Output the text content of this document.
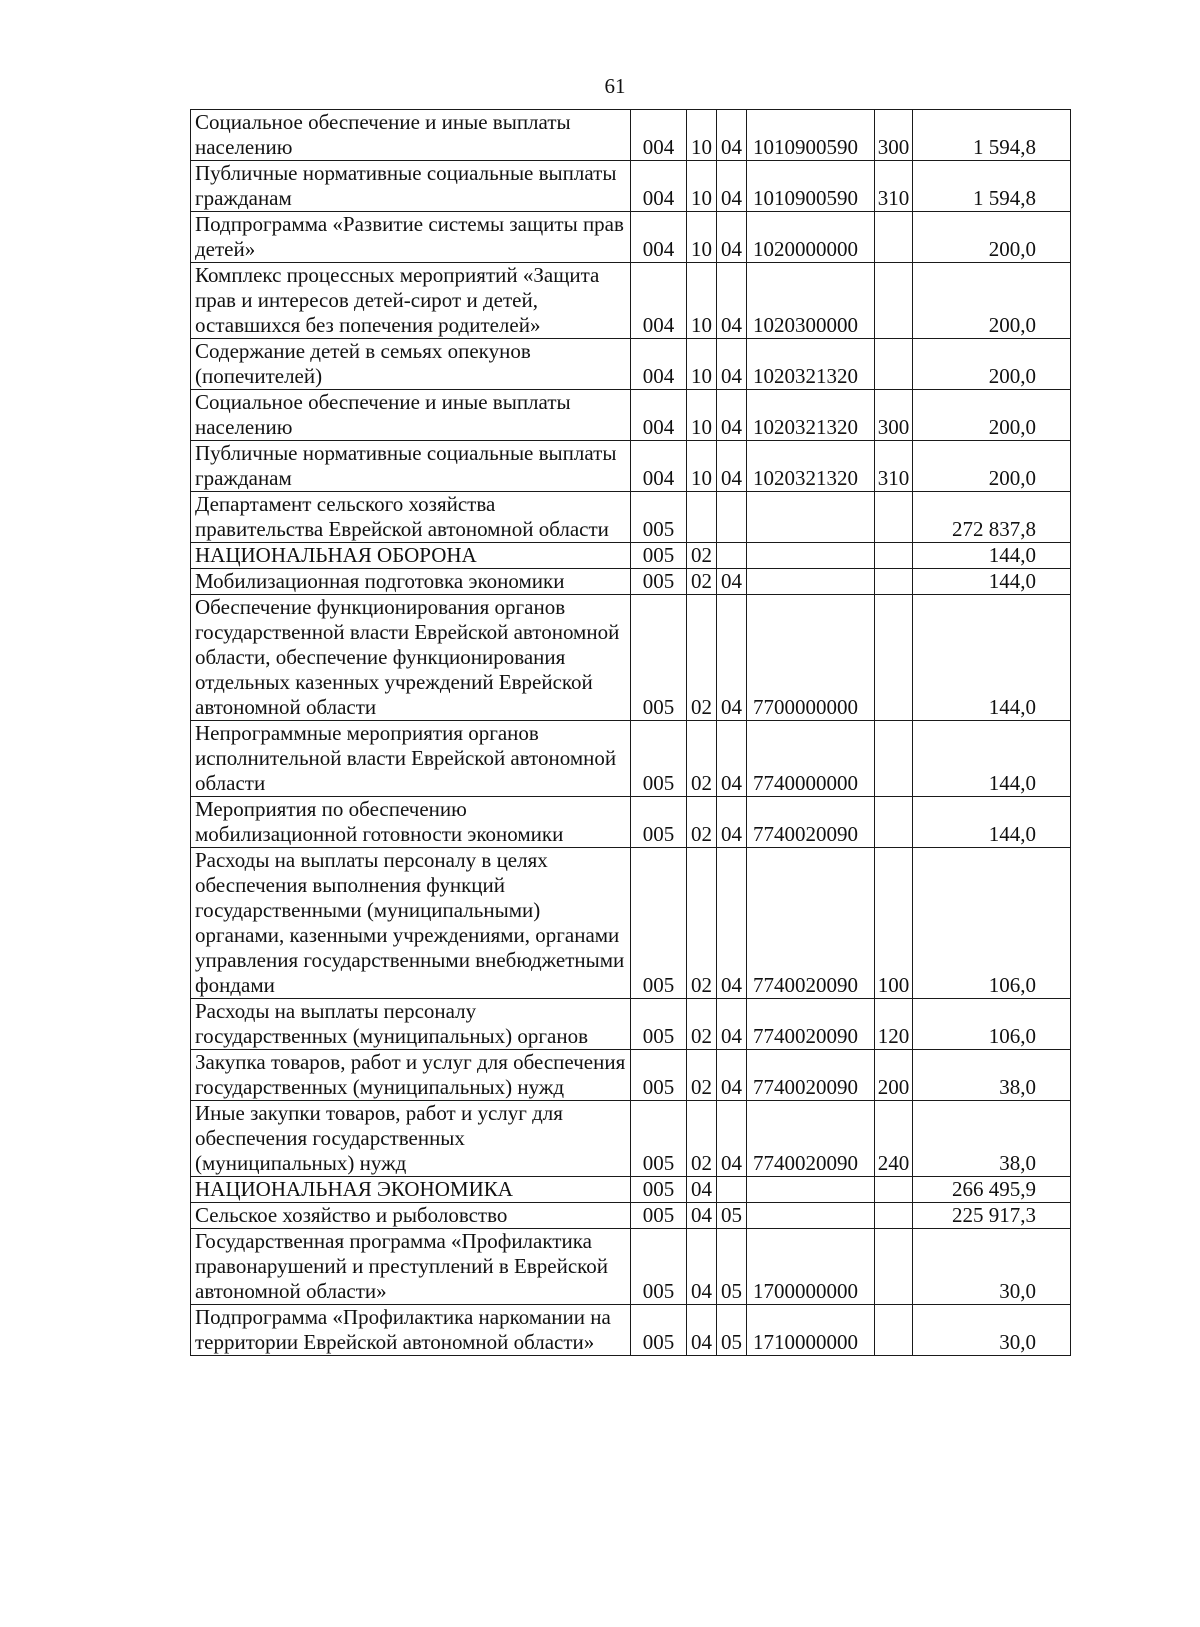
61
Социальное обеспечение и иные выплаты населению	004	10	04	1010900590	300	1 594,8
Публичные нормативные социальные выплаты гражданам	004	10	04	1010900590	310	1 594,8
Подпрограмма «Развитие системы защиты прав детей»	004	10	04	1020000000		200,0
Комплекс процессных мероприятий «Защита прав и интересов детей-сирот и детей, оставшихся без попечения родителей»	004	10	04	1020300000		200,0
Содержание детей в семьях опекунов (попечителей)	004	10	04	1020321320		200,0
Социальное обеспечение и иные выплаты населению	004	10	04	1020321320	300	200,0
Публичные нормативные социальные выплаты гражданам	004	10	04	1020321320	310	200,0
Департамент сельского хозяйства правительства Еврейской автономной области	005					272 837,8
НАЦИОНАЛЬНАЯ ОБОРОНА	005	02				144,0
Мобилизационная подготовка экономики	005	02	04			144,0
Обеспечение функционирования органов государственной власти Еврейской автономной области, обеспечение функционирования отдельных казенных учреждений Еврейской автономной области	005	02	04	7700000000		144,0
Непрограммные мероприятия органов исполнительной власти Еврейской автономной области	005	02	04	7740000000		144,0
Мероприятия по обеспечению мобилизационной готовности экономики	005	02	04	7740020090		144,0
Расходы на выплаты персоналу в целях обеспечения выполнения функций государственными (муниципальными) органами, казенными учреждениями, органами управления государственными внебюджетными фондами	005	02	04	7740020090	100	106,0
Расходы на выплаты персоналу государственных (муниципальных) органов	005	02	04	7740020090	120	106,0
Закупка товаров, работ и услуг для обеспечения государственных (муниципальных) нужд	005	02	04	7740020090	200	38,0
Иные закупки товаров, работ и услуг для обеспечения государственных (муниципальных) нужд	005	02	04	7740020090	240	38,0
НАЦИОНАЛЬНАЯ ЭКОНОМИКА	005	04				266 495,9
Сельское хозяйство и рыболовство	005	04	05			225 917,3
Государственная программа «Профилактика правонарушений и преступлений в Еврейской автономной области»	005	04	05	1700000000		30,0
Подпрограмма «Профилактика наркомании на территории Еврейской автономной области»	005	04	05	1710000000		30,0
